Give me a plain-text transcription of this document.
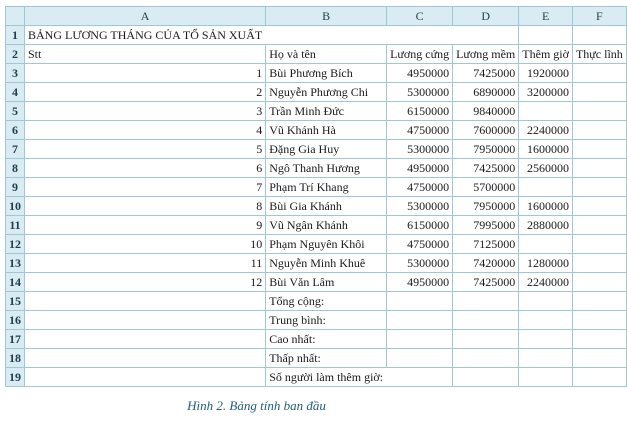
	A	B	C	D	E	F
1	BẢNG LƯƠNG THÁNG CỦA TỔ SẢN XUẤT					
2	Stt	Họ và tên	Lương cứng	Lương mềm	Thêm giờ	Thực lĩnh
3	1	Bùi Phương Bích	4950000	7425000	1920000	
4	2	Nguyễn Phương Chi	5300000	6890000	3200000	
5	3	Trần Minh Đức	6150000	9840000		
6	4	Vũ Khánh Hà	4750000	7600000	2240000	
7	5	Đặng Gia Huy	5300000	7950000	1600000	
8	6	Ngô Thanh Hương	4950000	7425000	2560000	
9	7	Phạm Trí Khang	4750000	5700000		
10	8	Bùi Gia Khánh	5300000	7950000	1600000	
11	9	Vũ Ngân Khánh	6150000	7995000	2880000	
12	10	Phạm Nguyên Khôi	4750000	7125000		
13	11	Nguyễn Minh Khuê	5300000	7420000	1280000	
14	12	Bùi Văn Lâm	4950000	7425000	2240000	
15		Tổng cộng:				
16		Trung bình:				
17		Cao nhất:				
18		Thấp nhất:				
19		Số người làm thêm giờ:				
Hình 2. Bảng tính ban đầu
